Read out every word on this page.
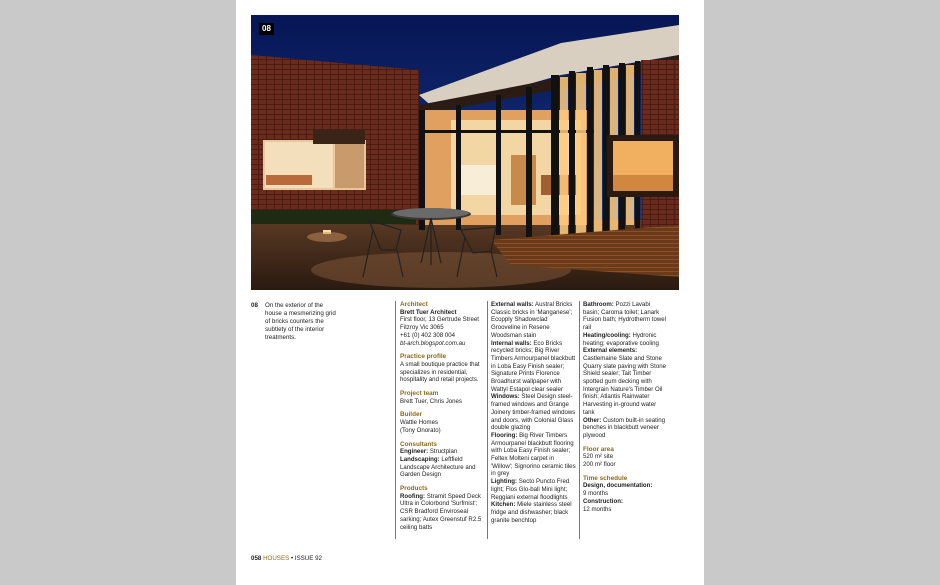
08
08 On the exterior of the house a mesmerizing grid of bricks counters the subtlety of the interior treatments.
Architect
Brett Tuer Architect
First floor, 13 Gertrude Street
Fitzroy Vic 3065
+61 (0) 402 308 004
bt-arch.blogspot.com.au
Practice profile
A small boutique practice that specializes in residential, hospitality and retail projects.
Project team
Brett Tuer, Chris Jones
Builder
Wattle Homes
(Tony Onorato)
Consultants
Engineer: Structplan
Landscaping: Leftfield Landscape Architecture and Garden Design
Products
Roofing: Stramit Speed Deck Ultra in Colorbond 'Surfmist'; CSR Bradford Enviroseal sarking; Autex Greenstuf R2.5 ceiling batts
External walls: Austral Bricks Classic bricks in 'Manganese'; Ecopply Shadowclad Grooveline in Resene Woodsman stain
Internal walls: Eco Bricks recycled bricks; Big River Timbers Armourpanel blackbutt in Loba Easy Finish sealer; Signature Prints Florence Broadhurst wallpaper with Wattyl Estapol clear sealer
Windows: Steel Design steel-framed windows and Grange Joinery timber-framed windows and doors, with Colonial Glass double glazing
Flooring: Big River Timbers Armourpanel blackbutt flooring with Loba Easy Finish sealer; Feltex Molteni carpet in 'Willow'; Signorino ceramic tiles in grey
Lighting: Secto Puncto Fred light; Flos Glo-ball Mini light; Reggiani external floodlights
Kitchen: Miele stainless steel fridge and dishwasher; black granite benchtop
Bathroom: Pozzi Lavabi basin; Caroma toilet; Lanark Fusion bath; Hydrotherm towel rail
Heating/cooling: Hydronic heating; evaporative cooling
External elements: Castlemaine Slate and Stone Quarry slate paving with Stone Shield sealer; Tait Timber spotted gum decking with Intergrain Nature's Timber Oil finish; Atlantis Rainwater Harvesting in-ground water tank
Other: Custom built-in seating benches in blackbutt veneer plywood
Floor area
520 m² site
200 m² floor
Time schedule
Design, documentation:
9 months
Construction:
12 months
058 HOUSES • ISSUE 92
